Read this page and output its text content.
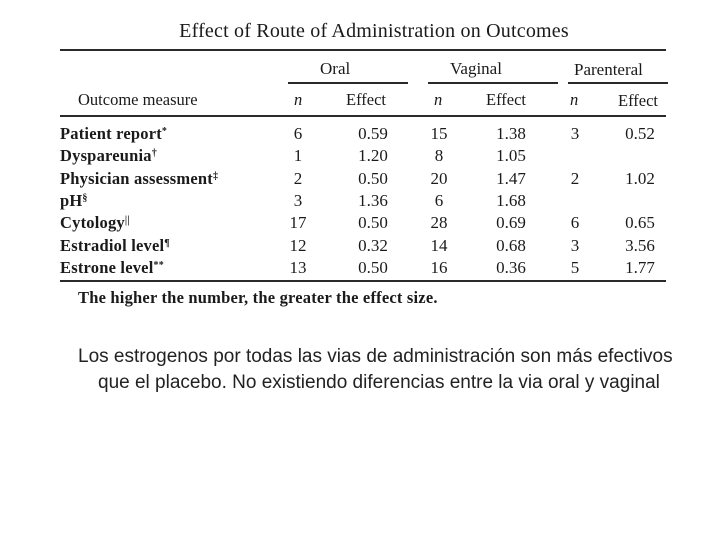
Effect of Route of Administration on Outcomes
Oral	Vaginal	Parenteral
Outcome measure	n	Effect	n	Effect	n Effect
Patient report*	6	0.59	15	1.38	3	0.52
Dyspareunia†	1	1.20	8	1.05
Physician assessment‡	2	0.50	20	1.47	2	1.02
pH§	3	1.36	6	1.68
Cytology||	17	0.50	28	0.69	6	0.65
Estradiol level¶	12	0.32	14	0.68	3	3.56
Estrone level**	13	0.50	16	0.36	5	1.77
The higher the number, the greater the effect size.
Los estrogenos por todas las vias de administración son más efectivos que el placebo. No existiendo diferencias entre la via oral y vaginal
